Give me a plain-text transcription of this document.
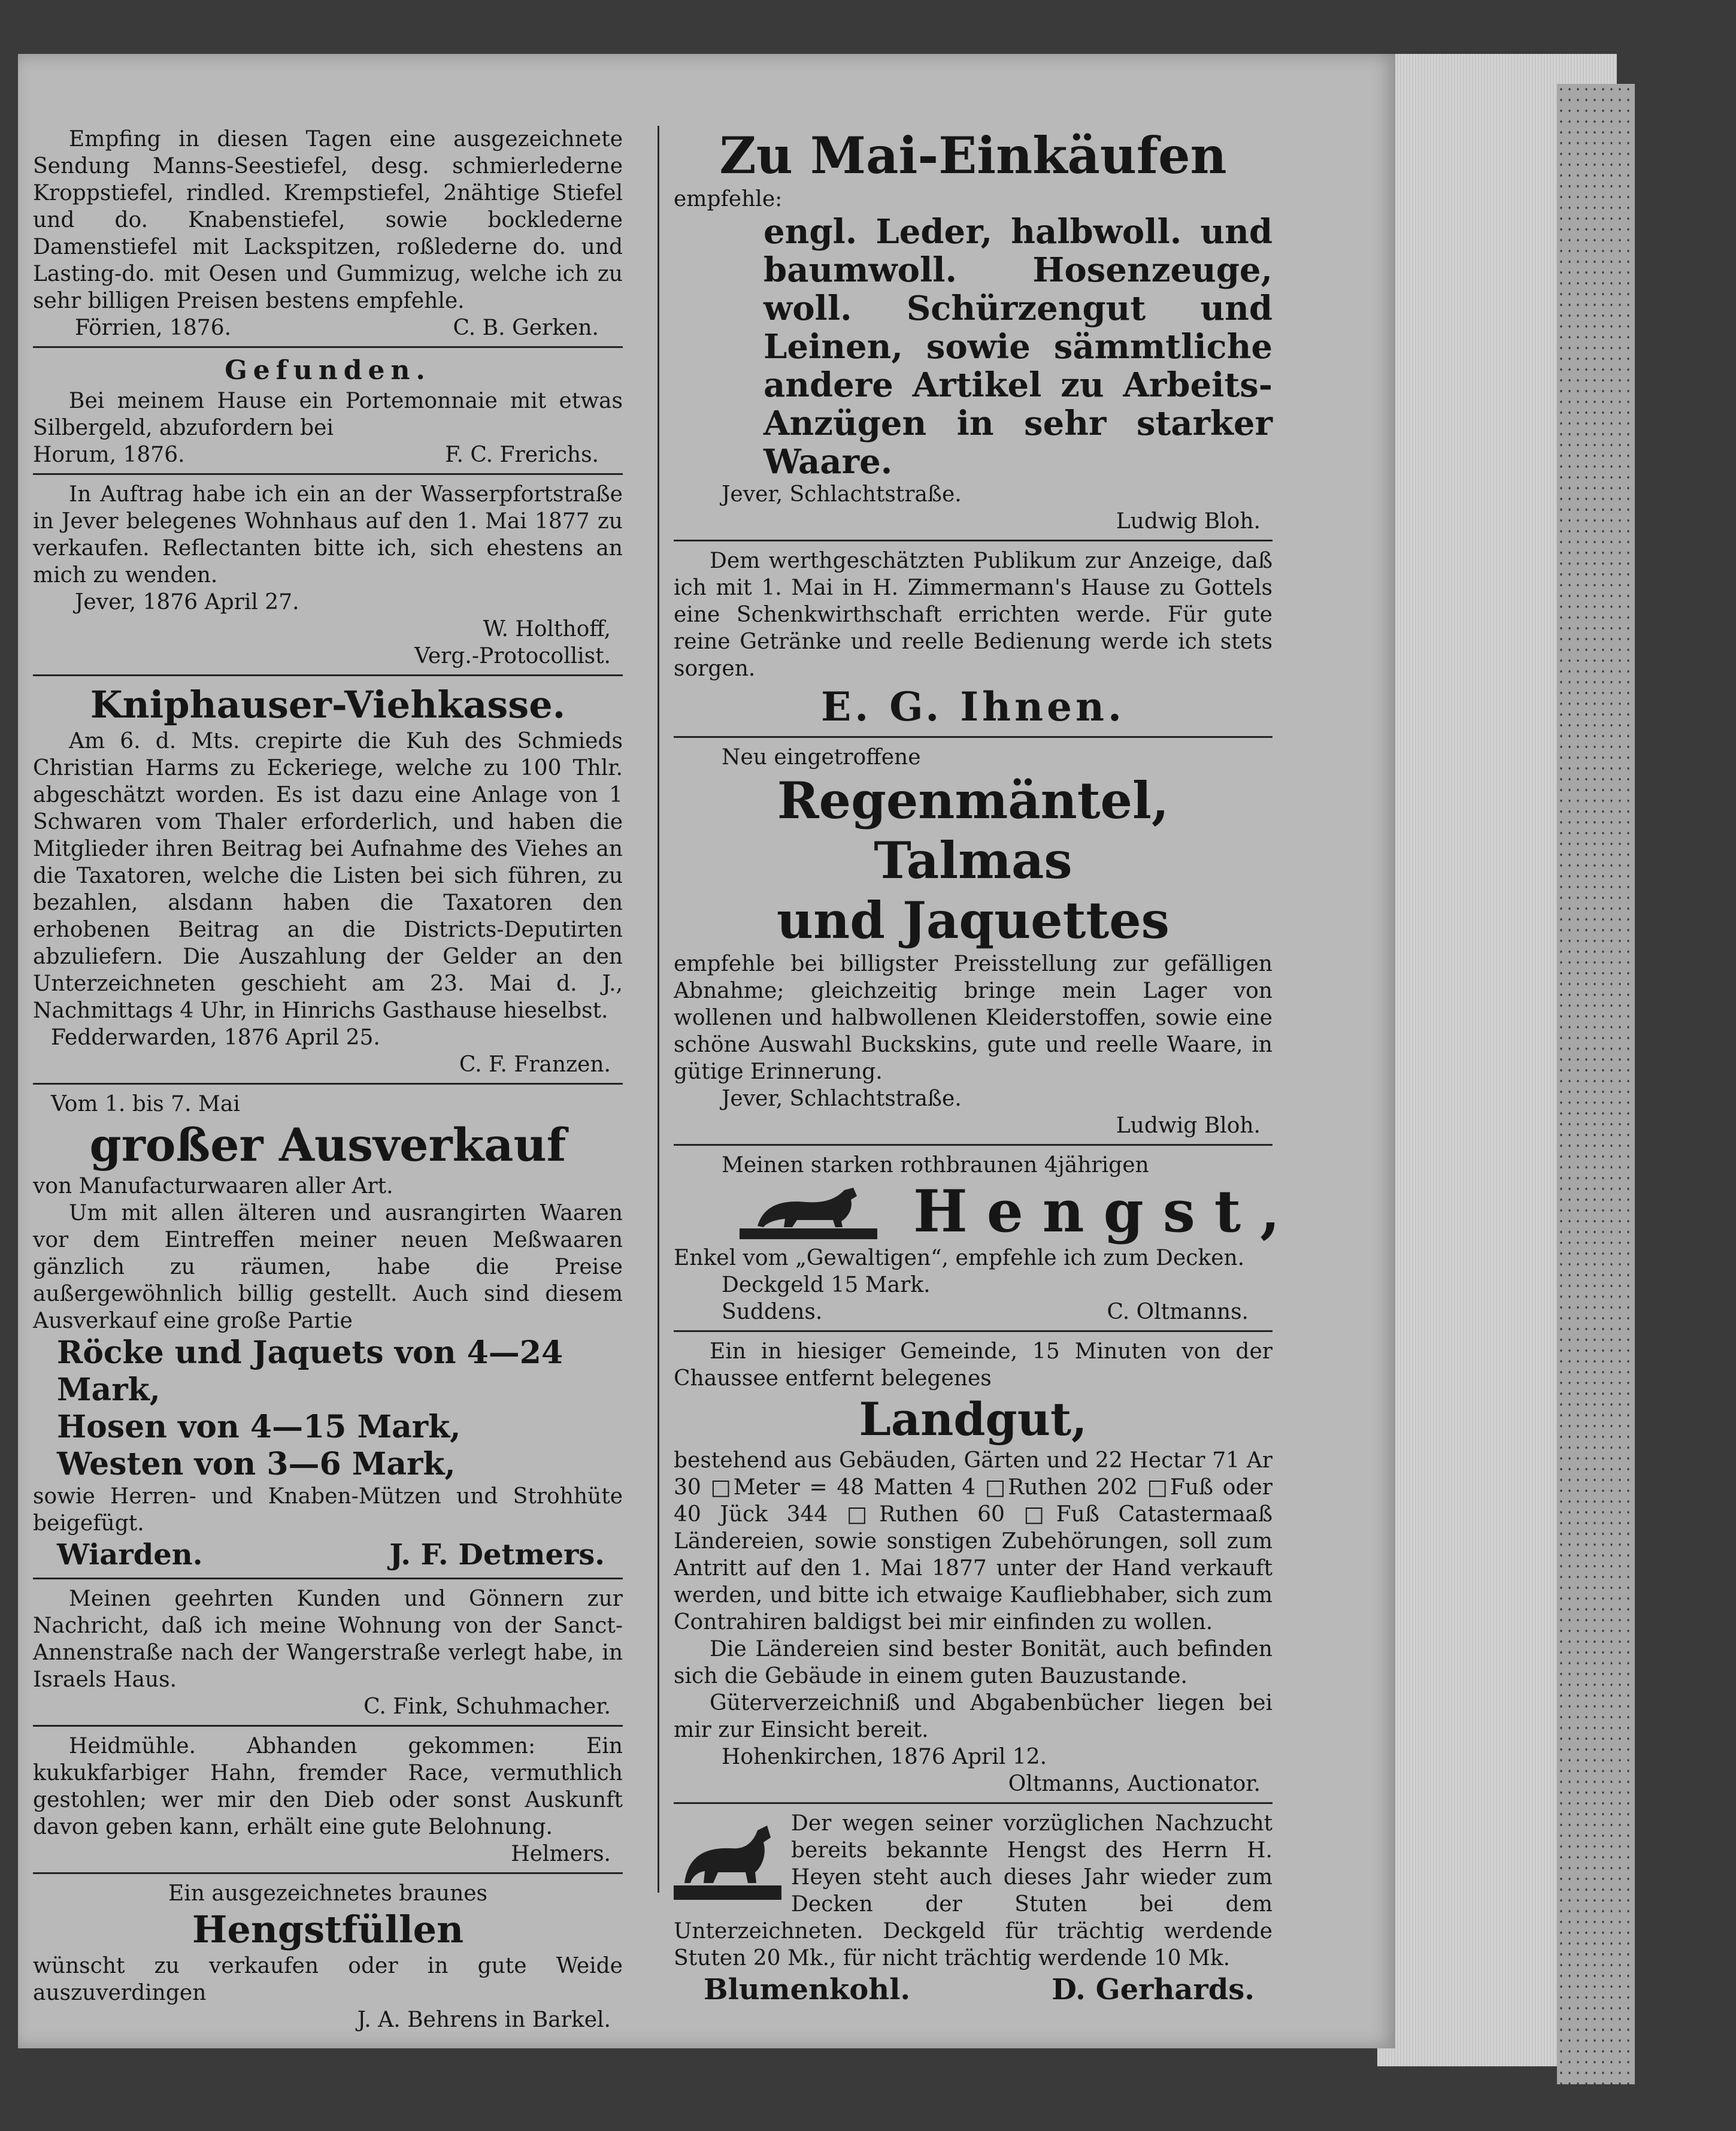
Empfing in diesen Tagen eine ausgezeichnete Sendung Manns-Seestiefel, desg. schmierlederne Kroppstiefel, rindled. Krempstiefel, 2nähtige Stiefel und do. Knabenstiefel, sowie bocklederne Damenstiefel mit Lackspitzen, roßlederne do. und Lasting-do. mit Oesen und Gummizug, welche ich zu sehr billigen Preisen bestens empfehle.

Förrien, 1876.	C. B. Gerken.

Gefunden.

Bei meinem Hause ein Portemonnaie mit etwas Silbergeld, abzufordern bei

Horum, 1876.	F. C. Frerichs.

In Auftrag habe ich ein an der Wasserpfortstraße in Jever belegenes Wohnhaus auf den 1. Mai 1877 zu verkaufen. Reflectanten bitte ich, sich ehestens an mich zu wenden.

Jever, 1876 April 27.

W. Holthoff,

Verg.-Protocollist.

Kniphauser-Viehkasse.

Am 6. d. Mts. crepirte die Kuh des Schmieds Christian Harms zu Eckeriege, welche zu 100 Thlr. abgeschätzt worden. Es ist dazu eine Anlage von 1 Schwaren vom Thaler erforderlich, und haben die Mitglieder ihren Beitrag bei Aufnahme des Viehes an die Taxatoren, welche die Listen bei sich führen, zu bezahlen, alsdann haben die Taxatoren den erhobenen Beitrag an die Districts-Deputirten abzuliefern. Die Auszahlung der Gelder an den Unterzeichneten geschieht am 23. Mai d. J., Nachmittags 4 Uhr, in Hinrichs Gasthause hieselbst.

Fedderwarden, 1876 April 25.

C. F. Franzen.

Vom 1. bis 7. Mai

großer Ausverkauf

von Manufacturwaaren aller Art.

Um mit allen älteren und ausrangirten Waaren vor dem Eintreffen meiner neuen Meßwaaren gänzlich zu räumen, habe die Preise außergewöhnlich billig gestellt. Auch sind diesem Ausverkauf eine große Partie

Röcke und Jaquets von 4—24 Mark,

Hosen von 4—15 Mark,

Westen von 3—6 Mark,

sowie Herren- und Knaben-Mützen und Strohhüte beigefügt.

Wiarden.	J. F. Detmers.

Meinen geehrten Kunden und Gönnern zur Nachricht, daß ich meine Wohnung von der Sanct-Annenstraße nach der Wangerstraße verlegt habe, in Israels Haus.

C. Fink, Schuhmacher.

Heidmühle. Abhanden gekommen: Ein kukukfarbiger Hahn, fremder Race, vermuthlich gestohlen; wer mir den Dieb oder sonst Auskunft davon geben kann, erhält eine gute Belohnung.

Helmers.

Ein ausgezeichnetes braunes

Hengstfüllen

wünscht zu verkaufen oder in gute Weide auszuverdingen

J. A. Behrens in Barkel.

Zu Mai-Einkäufen

empfehle:

engl. Leder, halbwoll. und baumwoll. Hosenzeuge, woll. Schürzengut und Leinen, sowie sämmtliche andere Artikel zu Arbeits-Anzügen in sehr starker Waare.

Jever, Schlachtstraße.

Ludwig Bloh.

Dem werthgeschätzten Publikum zur Anzeige, daß ich mit 1. Mai in H. Zimmermann's Hause zu Gottels eine Schenkwirthschaft errichten werde. Für gute reine Getränke und reelle Bedienung werde ich stets sorgen.

E. G. Ihnen.

Neu eingetroffene

Regenmäntel, Talmas

und Jaquettes

empfehle bei billigster Preisstellung zur gefälligen Abnahme; gleichzeitig bringe mein Lager von wollenen und halbwollenen Kleiderstoffen, sowie eine schöne Auswahl Buckskins, gute und reelle Waare, in gütige Erinnerung.

Jever, Schlachtstraße.

Ludwig Bloh.

Meinen starken rothbraunen 4jährigen

Hengst,

Enkel vom „Gewaltigen“, empfehle ich zum Decken.

Deckgeld 15 Mark.

Suddens.	C. Oltmanns.

Ein in hiesiger Gemeinde, 15 Minuten von der Chaussee entfernt belegenes

Landgut,

bestehend aus Gebäuden, Gärten und 22 Hectar 71 Ar 30 □Meter = 48 Matten 4 □Ruthen 202 □Fuß oder 40 Jück 344 □Ruthen 60 □Fuß Catastermaaß Ländereien, sowie sonstigen Zubehörungen, soll zum Antritt auf den 1. Mai 1877 unter der Hand verkauft werden, und bitte ich etwaige Kaufliebhaber, sich zum Contrahiren baldigst bei mir einfinden zu wollen.

Die Ländereien sind bester Bonität, auch befinden sich die Gebäude in einem guten Bauzustande.

Güterverzeichniß und Abgabenbücher liegen bei mir zur Einsicht bereit.

Hohenkirchen, 1876 April 12.

Oltmanns, Auctionator.

Der wegen seiner vorzüglichen Nachzucht bereits bekannte Hengst des Herrn H. Heyen steht auch dieses Jahr wieder zum Decken der Stuten bei dem Unterzeichneten. Deckgeld für trächtig werdende Stuten 20 Mk., für nicht trächtig werdende 10 Mk.

Blumenkohl.	D. Gerhards.
